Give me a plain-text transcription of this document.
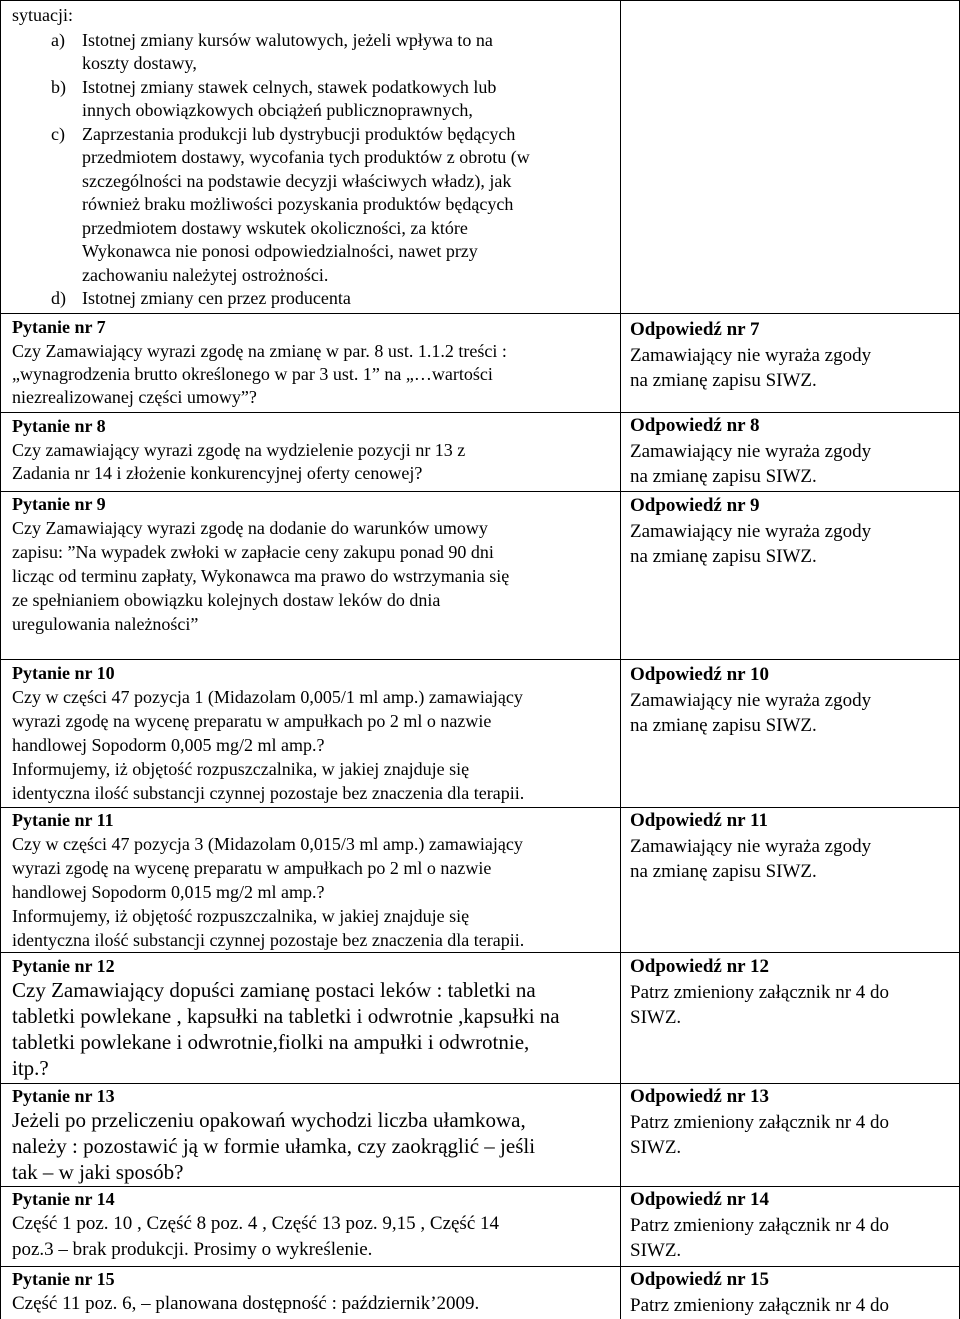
sytuacji:
a) Istotnej zmiany kursów walutowych, jeżeli wpływa to na
koszty dostawy,
b) Istotnej zmiany stawek celnych, stawek podatkowych lub
innych obowiązkowych obciążeń publicznoprawnych,
c) Zaprzestania produkcji lub dystrybucji produktów będących
przedmiotem dostawy, wycofania tych produktów z obrotu (w
szczególności na podstawie decyzji właściwych władz), jak
również braku możliwości pozyskania produktów będących
przedmiotem dostawy wskutek okoliczności, za które
Wykonawca nie ponosi odpowiedzialności, nawet przy
zachowaniu należytej ostrożności.
d) Istotnej zmiany cen przez producenta
Pytanie nr 7
Czy Zamawiający wyrazi zgodę na zmianę w par. 8 ust. 1.1.2 treści :
„wynagrodzenia brutto określonego w par 3 ust. 1” na „…wartości
niezrealizowanej części umowy”?
Odpowiedź nr 7
Zamawiający nie wyraża zgody
na zmianę zapisu SIWZ.
Pytanie nr 8
Czy zamawiający wyrazi zgodę na wydzielenie pozycji nr 13 z
Zadania nr 14 i złożenie konkurencyjnej oferty cenowej?
Odpowiedź nr 8
Zamawiający nie wyraża zgody
na zmianę zapisu SIWZ.
Pytanie nr 9
Czy Zamawiający wyrazi zgodę na dodanie do warunków umowy
zapisu: ”Na wypadek zwłoki w zapłacie ceny zakupu ponad 90 dni
licząc od terminu zapłaty, Wykonawca ma prawo do wstrzymania się
ze spełnianiem obowiązku kolejnych dostaw leków do dnia
uregulowania należności”
Odpowiedź nr 9
Zamawiający nie wyraża zgody
na zmianę zapisu SIWZ.
Pytanie nr 10
Czy w części 47 pozycja 1 (Midazolam 0,005/1 ml amp.) zamawiający
wyrazi zgodę na wycenę preparatu w ampułkach po 2 ml o nazwie
handlowej Sopodorm 0,005 mg/2 ml amp.?
Informujemy, iż objętość rozpuszczalnika, w jakiej znajduje się
identyczna ilość substancji czynnej pozostaje bez znaczenia dla terapii.
Odpowiedź nr 10
Zamawiający nie wyraża zgody
na zmianę zapisu SIWZ.
Pytanie nr 11
Czy w części 47 pozycja 3 (Midazolam 0,015/3 ml amp.) zamawiający
wyrazi zgodę na wycenę preparatu w ampułkach po 2 ml o nazwie
handlowej Sopodorm 0,015 mg/2 ml amp.?
Informujemy, iż objętość rozpuszczalnika, w jakiej znajduje się
identyczna ilość substancji czynnej pozostaje bez znaczenia dla terapii.
Odpowiedź nr 11
Zamawiający nie wyraża zgody
na zmianę zapisu SIWZ.
Pytanie nr 12
Czy Zamawiający dopuści zamianę postaci leków : tabletki na
tabletki powlekane , kapsułki na tabletki i odwrotnie ,kapsułki na
tabletki powlekane i odwrotnie,fiolki na ampułki i odwrotnie,
itp.?
Odpowiedź nr 12
Patrz zmieniony załącznik nr 4 do
SIWZ.
Pytanie nr 13
Jeżeli po przeliczeniu opakowań wychodzi liczba ułamkowa,
należy : pozostawić ją w formie ułamka, czy zaokrąglić – jeśli
tak – w jaki sposób?
Odpowiedź nr 13
Patrz zmieniony załącznik nr 4 do
SIWZ.
Pytanie nr 14
Część 1 poz. 10 , Część 8 poz. 4 , Część 13 poz. 9,15 , Część 14
poz.3 – brak produkcji. Prosimy o wykreślenie.
Odpowiedź nr 14
Patrz zmieniony załącznik nr 4 do
SIWZ.
Pytanie nr 15
Część 11 poz. 6, – planowana dostępność : październik’2009.
Odpowiedź nr 15
Patrz zmieniony załącznik nr 4 do
